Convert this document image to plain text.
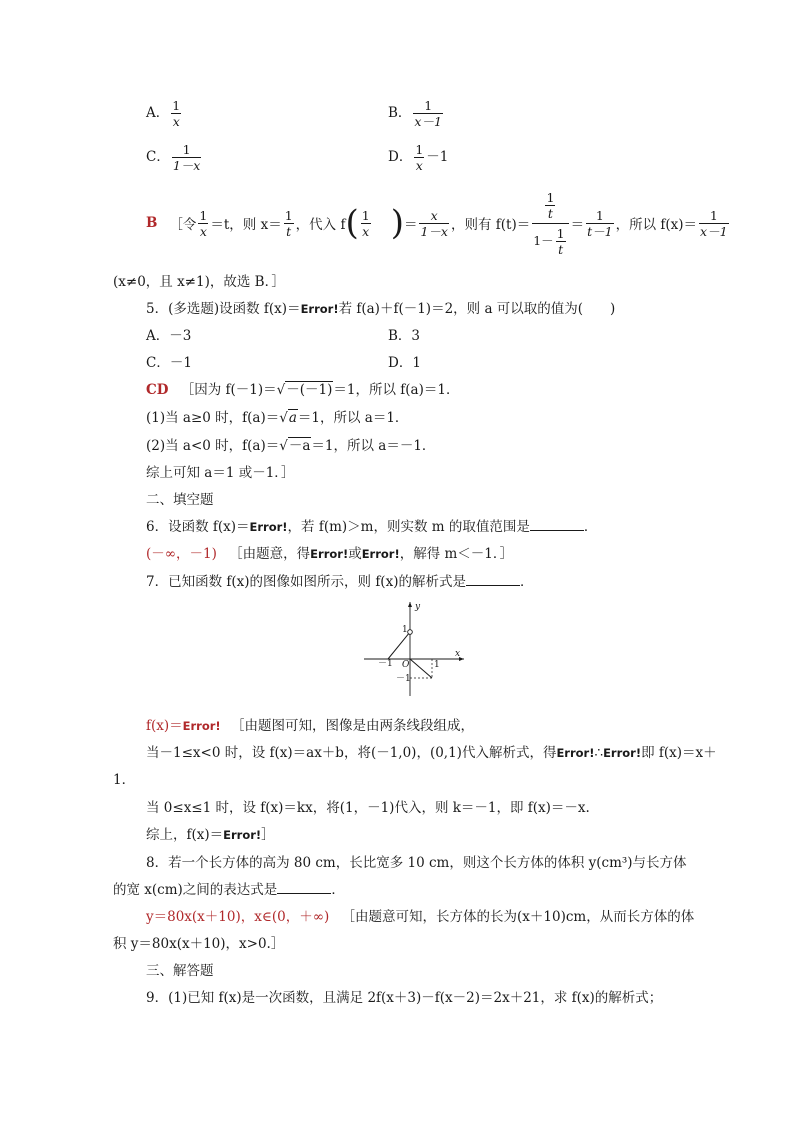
A． $\frac{1}{x}$	B． $\frac{1}{x-1}$
C． $\frac{1}{1-x}$	D． $\frac{1}{x} -1$
B ［令 $\frac{1}{x} =t$，则 $x= \frac{1}{t}$ ，代入 f ( $\frac{1}{x}$ ) ＝ $\frac{x}{1-x}$ ，则有 $f(t)= \frac{\frac{1}{t}}{1- \frac{1}{t}} = \frac{1}{t-1}$ ，所以 $f(x)= \frac{1}{x-1}$
(x≠0，且 x≠1)，故选 B．］
5．(多选题)设函数 f(x)＝Error!若 f(a)＋f(－1)＝2，则 a 可以取的值为(　　)
A．－3	B．3
C．－1	D．1
CD ［因为 f(－1)＝√－(－1)＝1，所以 f(a)＝1．
(1)当 a≥0 时，f(a)＝√a＝1，所以 a＝1．
(2)当 a<0 时，f(a)＝√－a＝1，所以 a＝－1．
综上可知 a＝1 或－1．］
二、填空题
6．设函数 f(x)＝Error!，若 f(m)＞m，则实数 m 的取值范围是	．
(－∞，－1) ［由题意，得Error!或Error!，解得 m＜－1．］
7．已知函数 f(x)的图像如图所示，则 f(x)的解析式是	．
y
x
1
－1 O	1
－1
f(x)＝Error! ［由题图可知，图像是由两条线段组成，
当－1≤x<0 时，设 f(x)＝ax＋b，将(－1,0)，(0,1)代入解析式，得Error!∴Error!即 f(x)＝x＋
1．
当 0≤x≤1 时，设 f(x)＝kx，将(1，－1)代入，则 k＝－1，即 f(x)＝－x.
综上，f(x)＝Error!］
8．若一个长方体的高为 80 cm，长比宽多 10 cm，则这个长方体的体积 y(cm³)与长方体
的宽 x(cm)之间的表达式是	．
y＝80x(x＋10)，x∈(0，＋∞) ［由题意可知，长方体的长为(x＋10)cm，从而长方体的体
积 y＝80x(x＋10)，x>0.］
三、解答题
9．(1)已知 f(x)是一次函数，且满足 2f(x＋3)－f(x－2)＝2x＋21，求 f(x)的解析式；
